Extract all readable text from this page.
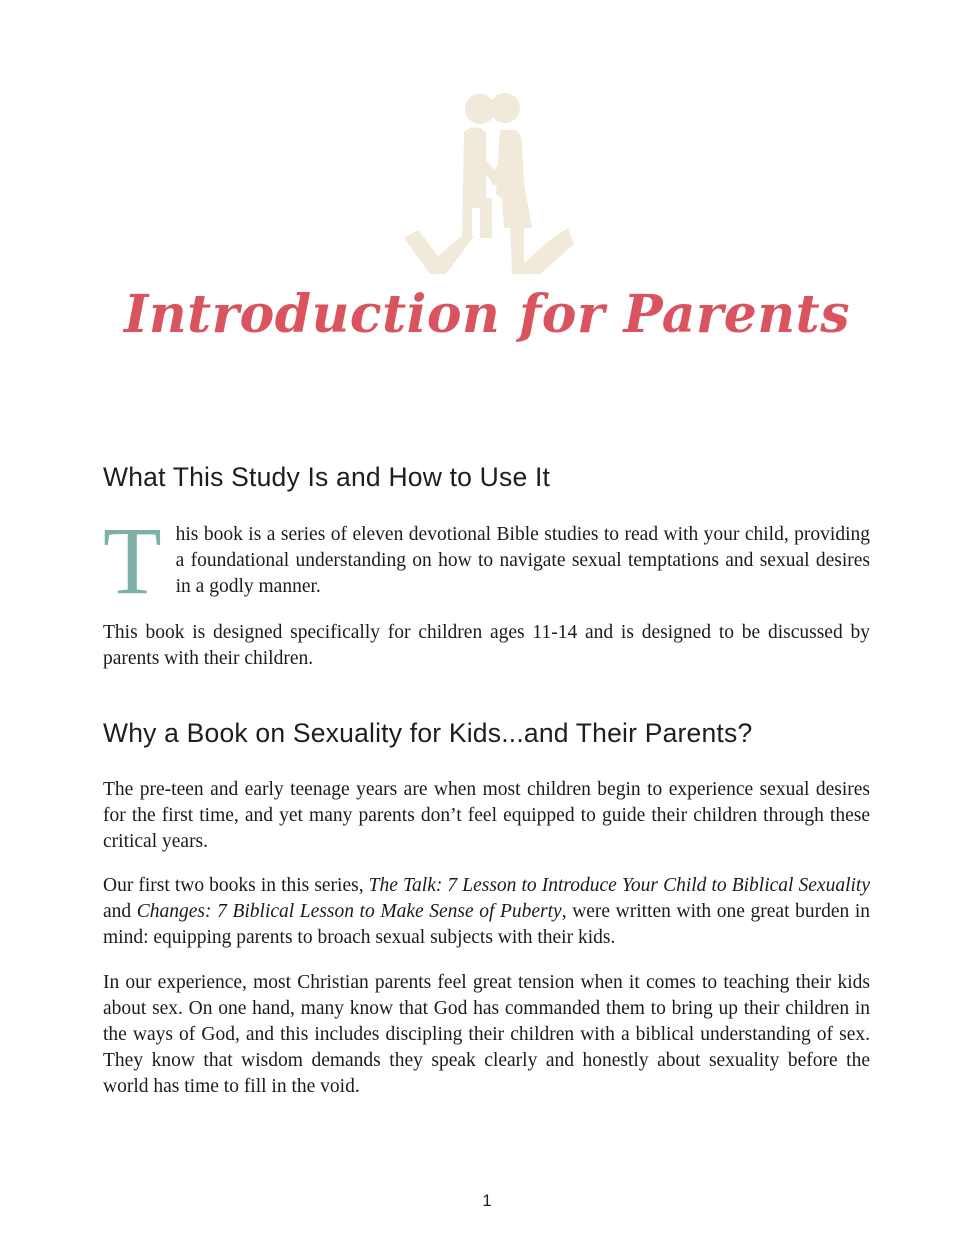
Introduction for Parents
What This Study Is and How to Use It
T his book is a series of eleven devotional Bible studies to read with your child, providing a foundational understanding on how to navigate sexual temptations and sexual desires in a godly manner.

This book is designed specifically for children ages 11-14 and is designed to be discussed by parents with their children.

Why a Book on Sexuality for Kids...and Their Parents?

The pre-teen and early teenage years are when most children begin to experience sexual desires for the first time, and yet many parents don’t feel equipped to guide their children through these critical years.

Our first two books in this series, The Talk: 7 Lesson to Introduce Your Child to Biblical Sexuality and Changes: 7 Biblical Lesson to Make Sense of Puberty, were written with one great burden in mind: equipping parents to broach sexual subjects with their kids.

In our experience, most Christian parents feel great tension when it comes to teaching their kids about sex. On one hand, many know that God has commanded them to bring up their children in the ways of God, and this includes discipling their children with a biblical understanding of sex. They know that wisdom demands they speak clearly and honestly about sexuality before the world has time to fill in the void.

1
